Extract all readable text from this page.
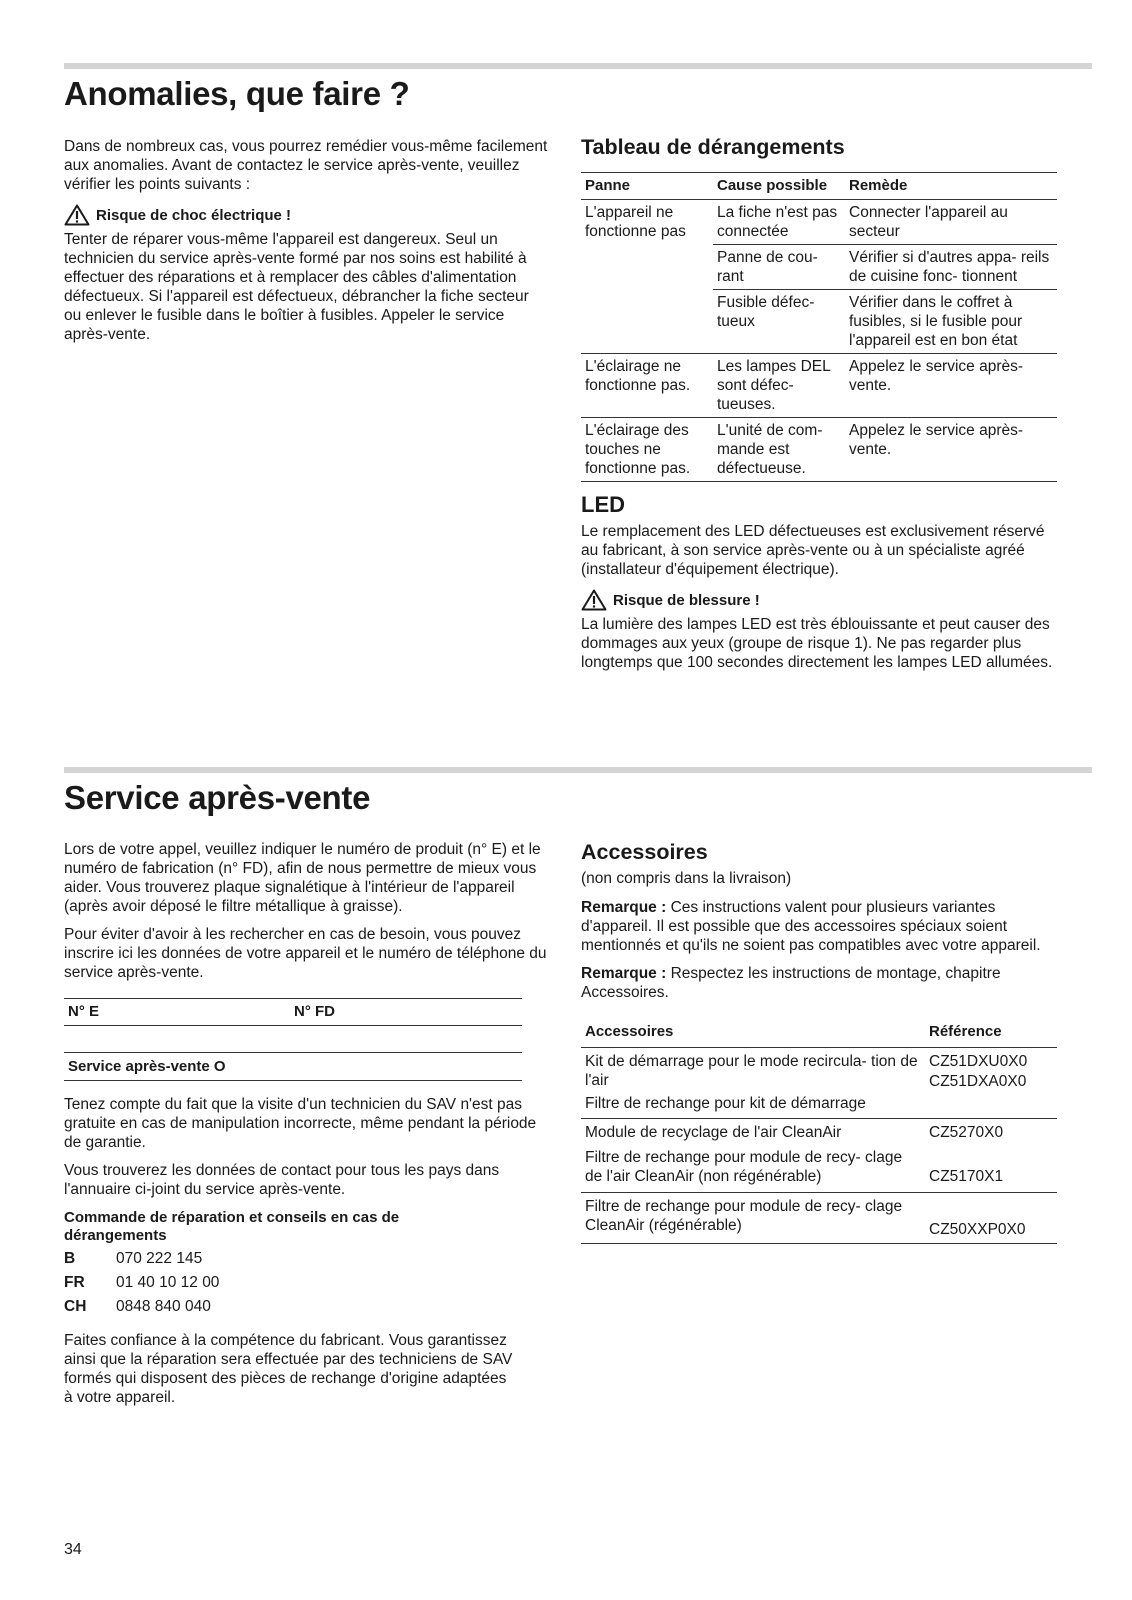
Anomalies, que faire ?

Dans de nombreux cas, vous pourrez remédier vous-même facilement aux anomalies. Avant de contactez le service après-vente, veuillez vérifier les points suivants :

Risque de choc électrique !

Tenter de réparer vous-même l'appareil est dangereux. Seul un technicien du service après-vente formé par nos soins est habilité à effectuer des réparations et à remplacer des câbles d'alimentation défectueux. Si l'appareil est défectueux, débrancher la fiche secteur ou enlever le fusible dans le boîtier à fusibles. Appeler le service après-vente.

Tableau de dérangements
Panne	Cause possible	Remède
L'appareil ne fonctionne pas	La fiche n'est pas connectée	Connecter l'appareil au secteur
	Panne de cou- rant	Vérifier si d'autres appa- reils de cuisine fonc- tionnent
	Fusible défec- tueux	Vérifier dans le coffret à fusibles, si le fusible pour l'appareil est en bon état
L'éclairage ne fonctionne pas.	Les lampes DEL sont défec- tueuses.	Appelez le service après- vente.
L'éclairage des touches ne fonctionne pas.	L'unité de com- mande est défectueuse.	Appelez le service après- vente.
LED

Le remplacement des LED défectueuses est exclusivement réservé au fabricant, à son service après-vente ou à un spécialiste agréé (installateur d'équipement électrique).

Risque de blessure !

La lumière des lampes LED est très éblouissante et peut causer des dommages aux yeux (groupe de risque 1). Ne pas regarder plus longtemps que 100 secondes directement les lampes LED allumées.

Service après-vente

Lors de votre appel, veuillez indiquer le numéro de produit (n° E) et le numéro de fabrication (n° FD), afin de nous permettre de mieux vous aider. Vous trouverez plaque signalétique à l'intérieur de l'appareil (après avoir déposé le filtre métallique à graisse).

Pour éviter d'avoir à les rechercher en cas de besoin, vous pouvez inscrire ici les données de votre appareil et le numéro de téléphone du service après-vente.

N° E	N° FD
Service après-vente O

Tenez compte du fait que la visite d'un technicien du SAV n'est pas gratuite en cas de manipulation incorrecte, même pendant la période de garantie.

Vous trouverez les données de contact pour tous les pays dans l'annuaire ci-joint du service après-vente.

Commande de réparation et conseils en cas de dérangements
B	070 222 145
FR	01 40 10 12 00
CH	0848 840 040

Faites confiance à la compétence du fabricant. Vous garantissez ainsi que la réparation sera effectuée par des techniciens de SAV formés qui disposent des pièces de rechange d'origine adaptées à votre appareil.

Accessoires

(non compris dans la livraison)

Remarque : Ces instructions valent pour plusieurs variantes d'appareil. Il est possible que des accessoires spéciaux soient mentionnés et qu'ils ne soient pas compatibles avec votre appareil.

Remarque : Respectez les instructions de montage, chapitre Accessoires.

Accessoires	Référence
Kit de démarrage pour le mode recircula- tion de l'air	CZ51DXU0X0
Filtre de rechange pour kit de démarrage	CZ51DXA0X0
Module de recyclage de l'air CleanAir	CZ5270X0
Filtre de rechange pour module de recy- clage de l'air CleanAir (non régénérable)	CZ5170X1
Filtre de rechange pour module de recy- clage CleanAir (régénérable)	CZ50XXP0X0
34
